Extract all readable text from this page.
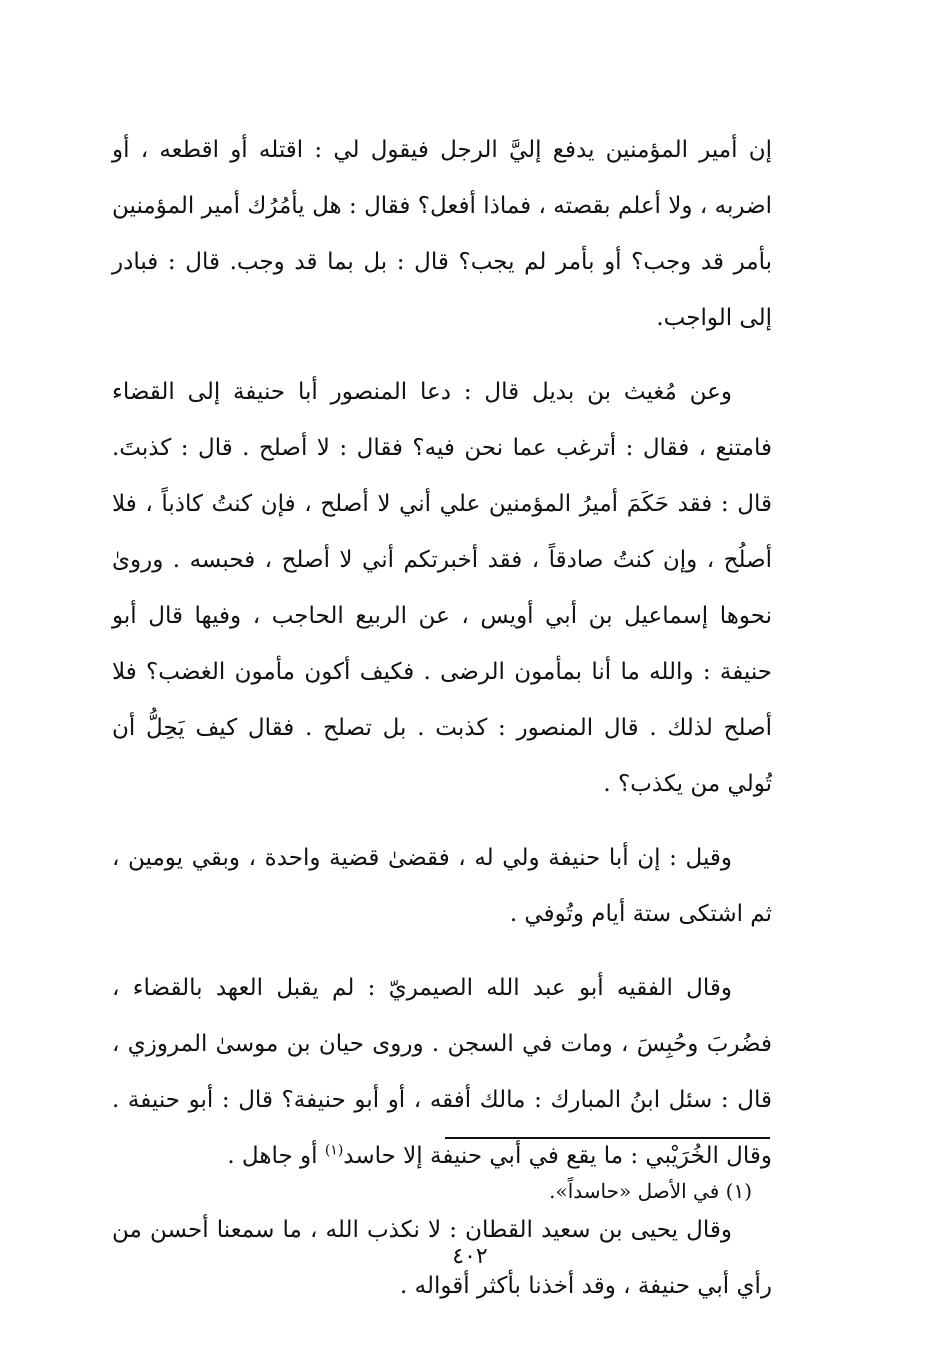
إن أمير المؤمنين يدفع إليَّ الرجل فيقول لي : اقتله أو اقطعه ، أو اضربه ، ولا أعلم بقصته ، فماذا أفعل؟ فقال : هل يأمُرُك أمير المؤمنين بأمر قد وجب؟ أو بأمر لم يجب؟ قال : بل بما قد وجب. قال : فبادر إلى الواجب.

وعن مُغيث بن بديل قال : دعا المنصور أبا حنيفة إلى القضاء فامتنع ، فقال : أترغب عما نحن فيه؟ فقال : لا أصلح . قال : كذبتَ. قال : فقد حَكَمَ أميرُ المؤمنين علي أني لا أصلح ، فإن كنتُ كاذباً ، فلا أصلُح ، وإن كنتُ صادقاً ، فقد أخبرتكم أني لا أصلح ، فحبسه . وروىٰ نحوها إسماعيل بن أبي أويس ، عن الربيع الحاجب ، وفيها قال أبو حنيفة : والله ما أنا بمأمون الرضى . فكيف أكون مأمون الغضب؟ فلا أصلح لذلك . قال المنصور : كذبت . بل تصلح . فقال كيف يَحِلُّ أن تُولي من يكذب؟ .

وقيل : إن أبا حنيفة ولي له ، فقضىٰ قضية واحدة ، وبقي يومين ، ثم اشتكى ستة أيام وتُوفي .

وقال الفقيه أبو عبد الله الصيمريّ : لم يقبل العهد بالقضاء ، فضُربَ وحُبِسَ ، ومات في السجن . وروى حيان بن موسىٰ المروزي ، قال : سئل ابنُ المبارك : مالك أفقه ، أو أبو حنيفة؟ قال : أبو حنيفة . وقال الخُرَيْبي : ما يقع في أبي حنيفة إلا حاسد$^{(١)}$ أو جاهل .

وقال يحيى بن سعيد القطان : لا نكذب الله ، ما سمعنا أحسن من رأي أبي حنيفة ، وقد أخذنا بأكثر أقواله .

(١) في الأصل «حاسداً».
٤٠٢
